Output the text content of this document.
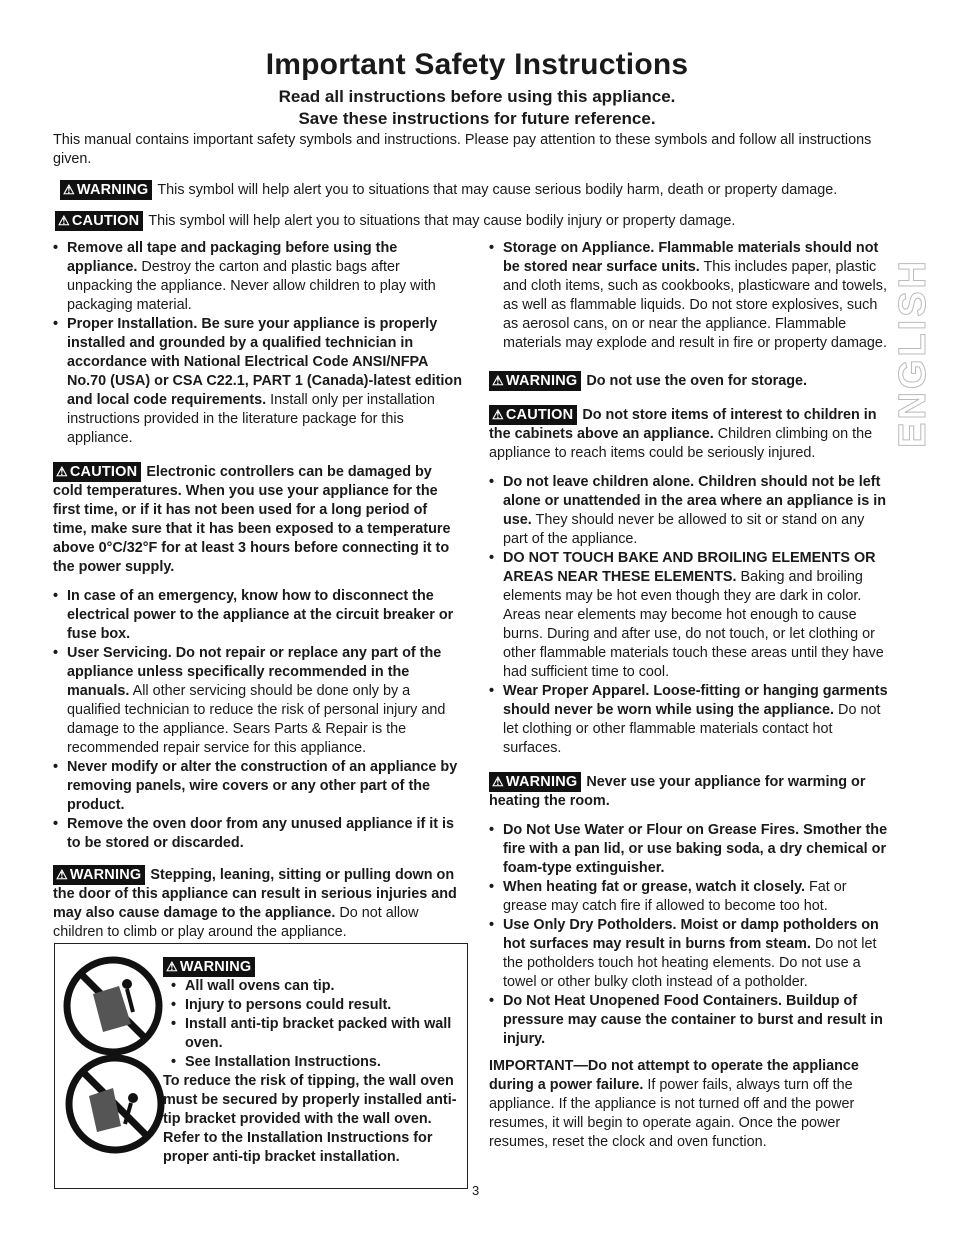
Important Safety Instructions
Read all instructions before using this appliance.
Save these instructions for future reference.
This manual contains important safety symbols and instructions. Please pay attention to these symbols and follow all instructions given.
⚠ WARNING This symbol will help alert you to situations that may cause serious bodily harm, death or property damage.
⚠ CAUTION This symbol will help alert you to situations that may cause bodily injury or property damage.
• Remove all tape and packaging before using the appliance. Destroy the carton and plastic bags after unpacking the appliance. Never allow children to play with packaging material.
• Proper Installation. Be sure your appliance is properly installed and grounded by a qualified technician in accordance with National Electrical Code ANSI/NFPA No.70 (USA) or CSA C22.1, PART 1 (Canada)-latest edition and local code requirements. Install only per installation instructions provided in the literature package for this appliance.
⚠ CAUTION Electronic controllers can be damaged by cold temperatures. When you use your appliance for the first time, or if it has not been used for a long period of time, make sure that it has been exposed to a temperature above 0°C/32°F for at least 3 hours before connecting it to the power supply.
• In case of an emergency, know how to disconnect the electrical power to the appliance at the circuit breaker or fuse box.
• User Servicing. Do not repair or replace any part of the appliance unless specifically recommended in the manuals. All other servicing should be done only by a qualified technician to reduce the risk of personal injury and damage to the appliance. Sears Parts & Repair is the recommended repair service for this appliance.
• Never modify or alter the construction of an appliance by removing panels, wire covers or any other part of the product.
• Remove the oven door from any unused appliance if it is to be stored or discarded.
⚠ WARNING Stepping, leaning, sitting or pulling down on the door of this appliance can result in serious injuries and may also cause damage to the appliance. Do not allow children to climb or play around the appliance.
⚠ WARNING
• All wall ovens can tip.
• Injury to persons could result.
• Install anti-tip bracket packed with wall oven.
• See Installation Instructions.
To reduce the risk of tipping, the wall oven must be secured by properly installed anti-tip bracket provided with the wall oven. Refer to the Installation Instructions for proper anti-tip bracket installation.
• Storage on Appliance. Flammable materials should not be stored near surface units. This includes paper, plastic and cloth items, such as cookbooks, plasticware and towels, as well as flammable liquids. Do not store explosives, such as aerosol cans, on or near the appliance. Flammable materials may explode and result in fire or property damage.
⚠ WARNING Do not use the oven for storage.
⚠ CAUTION Do not store items of interest to children in the cabinets above an appliance. Children climbing on the appliance to reach items could be seriously injured.
• Do not leave children alone. Children should not be left alone or unattended in the area where an appliance is in use. They should never be allowed to sit or stand on any part of the appliance.
• DO NOT TOUCH BAKE AND BROILING ELEMENTS OR AREAS NEAR THESE ELEMENTS. Baking and broiling elements may be hot even though they are dark in color. Areas near elements may become hot enough to cause burns. During and after use, do not touch, or let clothing or other flammable materials touch these areas until they have had sufficient time to cool.
• Wear Proper Apparel. Loose-fitting or hanging garments should never be worn while using the appliance. Do not let clothing or other flammable materials contact hot surfaces.
⚠ WARNING Never use your appliance for warming or heating the room.
• Do Not Use Water or Flour on Grease Fires. Smother the fire with a pan lid, or use baking soda, a dry chemical or foam-type extinguisher.
• When heating fat or grease, watch it closely. Fat or grease may catch fire if allowed to become too hot.
• Use Only Dry Potholders. Moist or damp potholders on hot surfaces may result in burns from steam. Do not let the potholders touch hot heating elements. Do not use a towel or other bulky cloth instead of a potholder.
• Do Not Heat Unopened Food Containers. Buildup of pressure may cause the container to burst and result in injury.
IMPORTANT—Do not attempt to operate the appliance during a power failure. If power fails, always turn off the appliance. If the appliance is not turned off and the power resumes, it will begin to operate again. Once the power resumes, reset the clock and oven function.
3
ENGLISH
